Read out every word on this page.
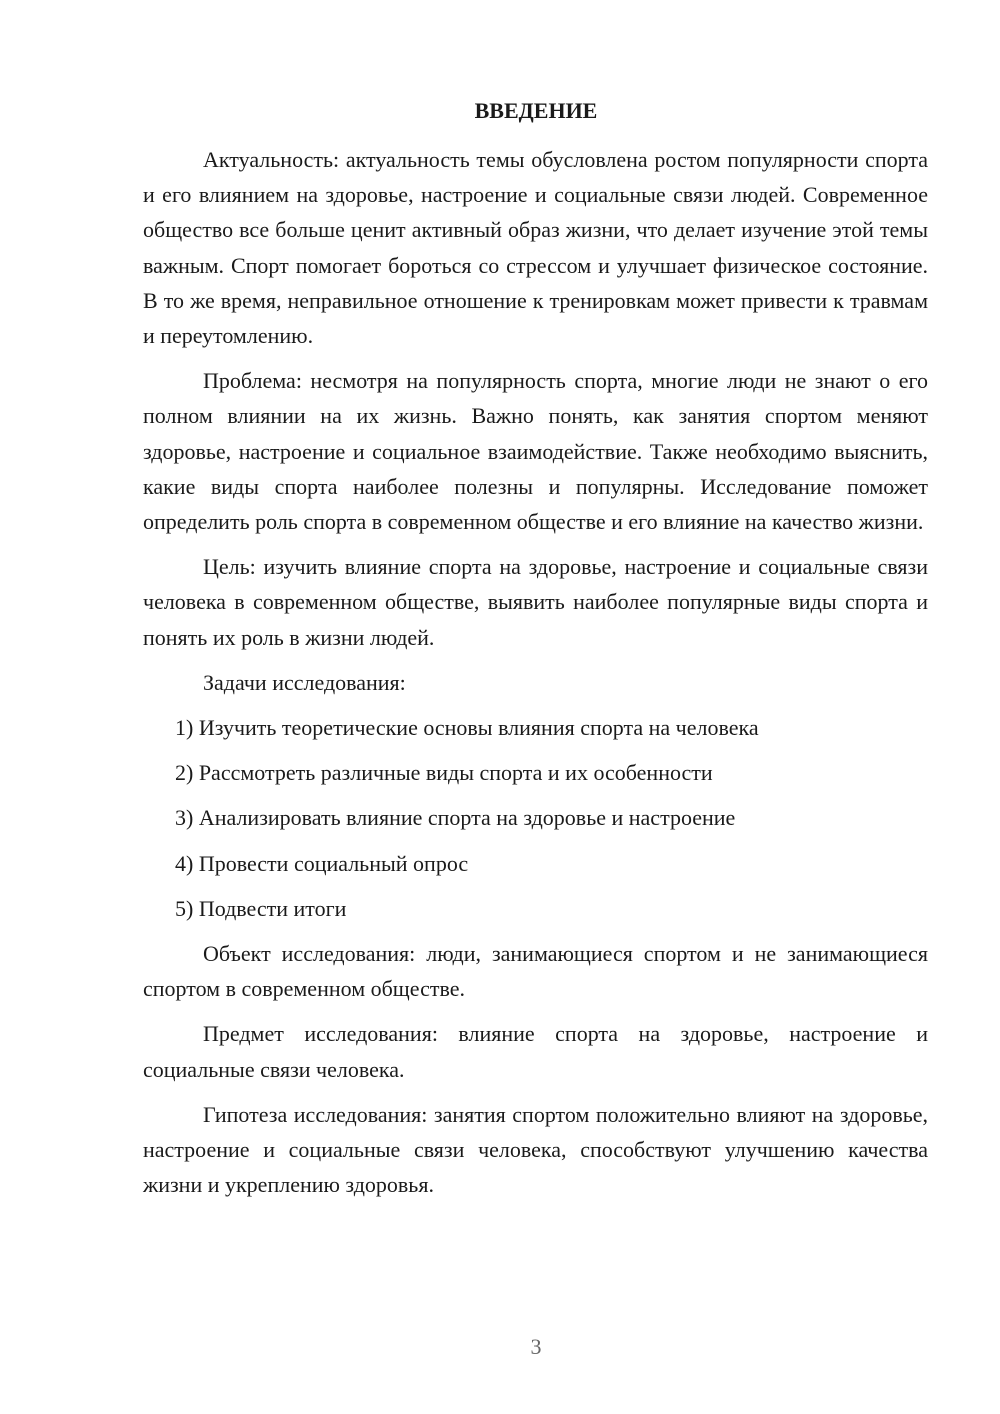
ВВЕДЕНИЕ

Актуальность: актуальность темы обусловлена ростом популярности спорта и его влиянием на здоровье, настроение и социальные связи людей. Современное общество все больше ценит активный образ жизни, что делает изучение этой темы важным. Спорт помогает бороться со стрессом и улучшает физическое состояние. В то же время, неправильное отношение к тренировкам может привести к травмам и переутомлению.

Проблема: несмотря на популярность спорта, многие люди не знают о его полном влиянии на их жизнь. Важно понять, как занятия спортом меняют здоровье, настроение и социальное взаимодействие. Также необходимо выяснить, какие виды спорта наиболее полезны и популярны. Исследование поможет определить роль спорта в современном обществе и его влияние на качество жизни.

Цель: изучить влияние спорта на здоровье, настроение и социальные связи человека в современном обществе, выявить наиболее популярные виды спорта и понять их роль в жизни людей.

Задачи исследования:

1) Изучить теоретические основы влияния спорта на человека
2) Рассмотреть различные виды спорта и их особенности
3) Анализировать влияние спорта на здоровье и настроение
4) Провести социальный опрос
5) Подвести итоги

Объект исследования: люди, занимающиеся спортом и не занимающиеся спортом в современном обществе.

Предмет исследования: влияние спорта на здоровье, настроение и социальные связи человека.

Гипотеза исследования: занятия спортом положительно влияют на здоровье, настроение и социальные связи человека, способствуют улучшению качества жизни и укреплению здоровья.

3
